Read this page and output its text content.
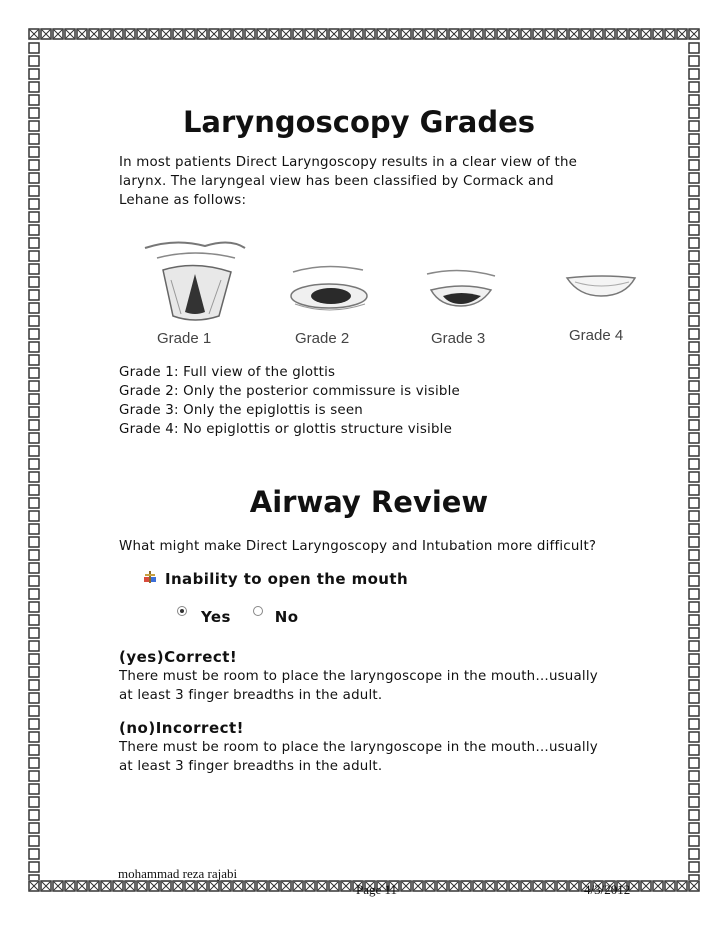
Laryngoscopy Grades

In most patients Direct Laryngoscopy results in a clear view of the

larynx. The laryngeal view has been classified by Cormack and

Lehane as follows:

Grade 1	Grade 2	Grade 3	Grade 4

Grade 1: Full view of the glottis

Grade 2: Only the posterior commissure is visible

Grade 3: Only the epiglottis is seen

Grade 4: No epiglottis or glottis structure visible

Airway Review

What might make Direct Laryngoscopy and Intubation more difficult?

Inability to open the mouth
Yes	No
(yes)Correct!

There must be room to place the laryngoscope in the mouth…usually

at least 3 finger breadths in the adult.

(no)Incorrect!

There must be room to place the laryngoscope in the mouth…usually

at least 3 finger breadths in the adult.

mohammad reza rajabi
Page 11	4/3/2012
